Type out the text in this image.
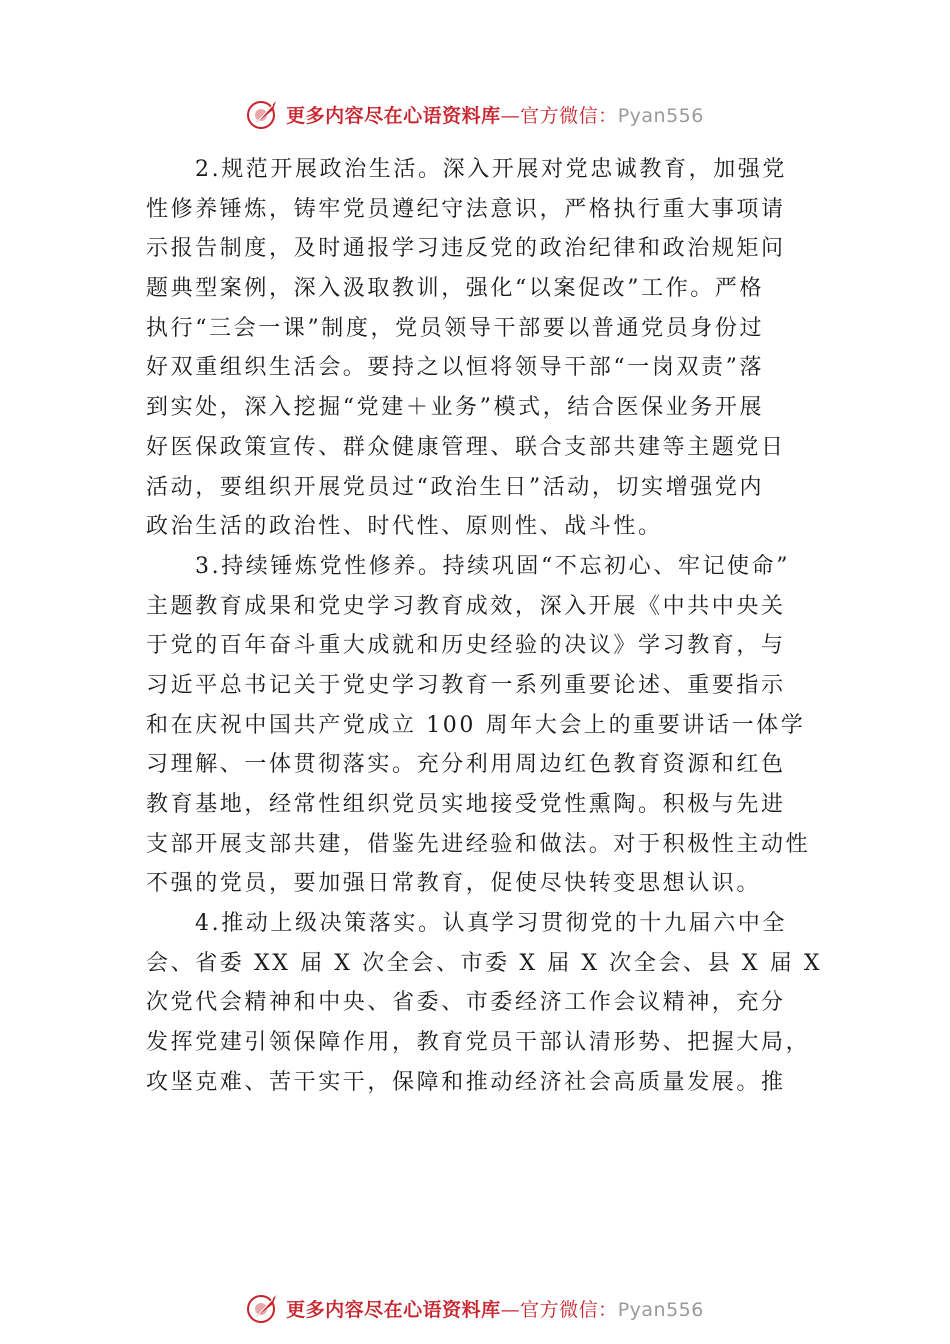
更多内容尽在心语资料库—官方微信：Pyan556
2.规范开展政治生活。深入开展对党忠诚教育，加强党
性修养锤炼，铸牢党员遵纪守法意识，严格执行重大事项请
示报告制度，及时通报学习违反党的政治纪律和政治规矩问
题典型案例，深入汲取教训，强化“以案促改”工作。严格
执行“三会一课”制度，党员领导干部要以普通党员身份过
好双重组织生活会。要持之以恒将领导干部“一岗双责”落
到实处，深入挖掘“党建＋业务”模式，结合医保业务开展
好医保政策宣传、群众健康管理、联合支部共建等主题党日
活动，要组织开展党员过“政治生日”活动，切实增强党内
政治生活的政治性、时代性、原则性、战斗性。
3.持续锤炼党性修养。持续巩固“不忘初心、牢记使命”
主题教育成果和党史学习教育成效，深入开展《中共中央关
于党的百年奋斗重大成就和历史经验的决议》学习教育，与
习近平总书记关于党史学习教育一系列重要论述、重要指示
和在庆祝中国共产党成立 100 周年大会上的重要讲话一体学
习理解、一体贯彻落实。充分利用周边红色教育资源和红色
教育基地，经常性组织党员实地接受党性熏陶。积极与先进
支部开展支部共建，借鉴先进经验和做法。对于积极性主动性
不强的党员，要加强日常教育，促使尽快转变思想认识。
4.推动上级决策落实。认真学习贯彻党的十九届六中全
会、省委 XX 届 X 次全会、市委 X 届 X 次全会、县 X 届 X
次党代会精神和中央、省委、市委经济工作会议精神，充分
发挥党建引领保障作用，教育党员干部认清形势、把握大局，
攻坚克难、苦干实干，保障和推动经济社会高质量发展。推
更多内容尽在心语资料库—官方微信：Pyan556
